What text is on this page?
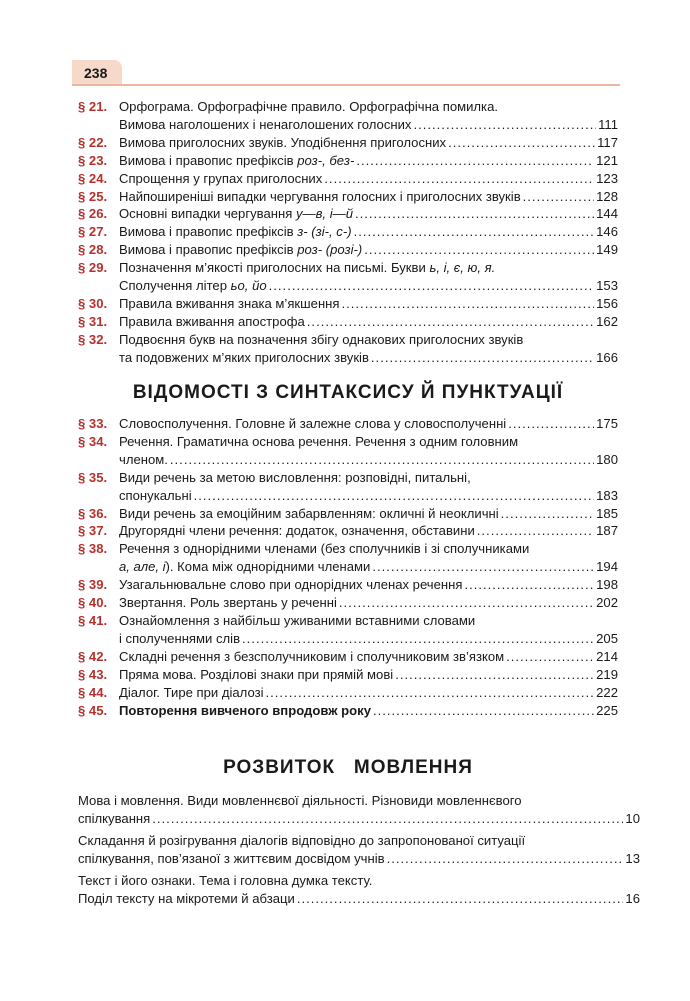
238
§ 21. Орфограма. Орфографічне правило. Орфографічна помилка.
Вимова наголошених і ненаголошених голосних .....	111
§ 22. Вимова приголосних звуків. Уподібнення приголосних .....	117
§ 23. Вимова і правопис префіксів роз-, без- .....	121
§ 24. Спрощення у групах приголосних .....	123
§ 25. Найпоширеніші випадки чергування голосних і приголосних звуків .....	128
§ 26. Основні випадки чергування у—в, і—й .....	144
§ 27. Вимова і правопис префіксів з- (зі-, с-) .....	146
§ 28. Вимова і правопис префіксів роз- (розі-) .....	149
§ 29. Позначення м’якості приголосних на письмі. Букви ь, і, є, ю, я.
Сполучення літер ьо, йо .....	153
§ 30. Правила вживання знака м’якшення .....	156
§ 31. Правила вживання апострофа .....	162
§ 32. Подвоєння букв на позначення збігу однакових приголосних звуків
та подовжених м’яких приголосних звуків .....	166
ВІДОМОСТІ З СИНТАКСИСУ Й ПУНКТУАЦІЇ
§ 33. Словосполучення. Головне й залежне слова у словосполученні .....	175
§ 34. Речення. Граматична основа речення. Речення з одним головним
членом. .....	180
§ 35. Види речень за метою висловлення: розповідні, питальні,
спонукальні .....	183
§ 36. Види речень за емоційним забарвленням: окличні й неокличні .....	185
§ 37. Другорядні члени речення: додаток, означення, обставини .....	187
§ 38. Речення з однорідними членами (без сполучників і зі сполучниками
а, але, і). Кома між однорідними членами .....	194
§ 39. Узагальнювальне слово при однорідних членах речення .....	198
§ 40. Звертання. Роль звертань у реченні .....	202
§ 41. Ознайомлення з найбільш уживаними вставними словами
і сполученнями слів .....	205
§ 42. Складні речення з безсполучниковим і сполучниковим зв’язком .....	214
§ 43. Пряма мова. Розділові знаки при прямій мові .....	219
§ 44. Діалог. Тире при діалозі .....	222
§ 45. Повторення вивченого впродовж року .....	225
РОЗВИТОК   МОВЛЕННЯ
Мова і мовлення. Види мовленнєвої діяльності. Різновиди мовленнєвого
спілкування .....	10
Складання й розігрування діалогів відповідно до запропонованої ситуації
спілкування, пов’язаної з життєвим досвідом учнів .....	13
Текст і його ознаки. Тема і головна думка тексту.
Поділ тексту на мікротеми й абзаци .....	16
